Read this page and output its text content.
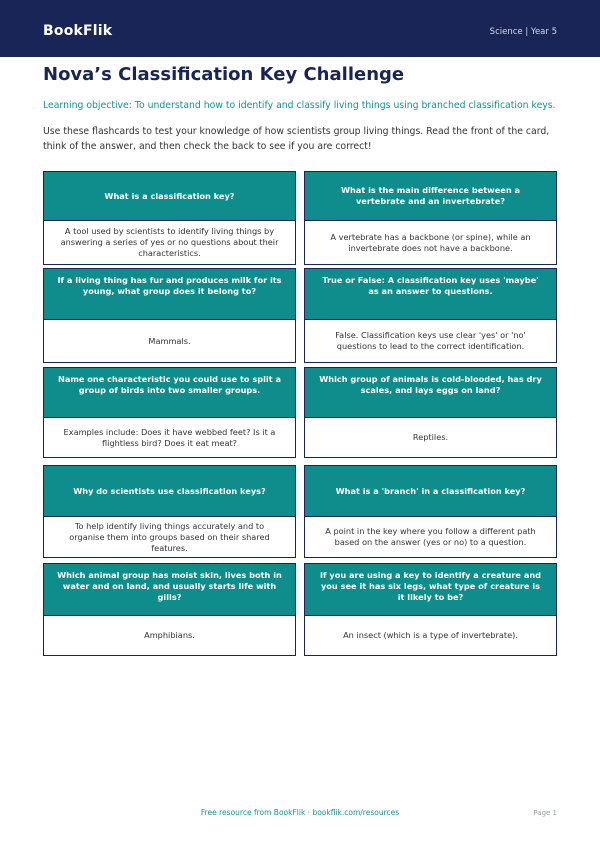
BookFlik	Science | Year 5
Nova’s Classification Key Challenge
Learning objective: To understand how to identify and classify living things using branched classification keys.
Use these flashcards to test your knowledge of how scientists group living things. Read the front of the card, think of the answer, and then check the back to see if you are correct!
What is a classification key?
A tool used by scientists to identify living things by answering a series of yes or no questions about their characteristics.
What is the main difference between a vertebrate and an invertebrate?
A vertebrate has a backbone (or spine), while an invertebrate does not have a backbone.
If a living thing has fur and produces milk for its young, what group does it belong to?
Mammals.
True or False: A classification key uses 'maybe' as an answer to questions.
False. Classification keys use clear 'yes' or 'no' questions to lead to the correct identification.
Name one characteristic you could use to split a group of birds into two smaller groups.
Examples include: Does it have webbed feet? Is it a flightless bird? Does it eat meat?
Which group of animals is cold-blooded, has dry scales, and lays eggs on land?
Reptiles.
Why do scientists use classification keys?
To help identify living things accurately and to organise them into groups based on their shared features.
What is a 'branch' in a classification key?
A point in the key where you follow a different path based on the answer (yes or no) to a question.
Which animal group has moist skin, lives both in water and on land, and usually starts life with gills?
Amphibians.
If you are using a key to identify a creature and you see it has six legs, what type of creature is it likely to be?
An insect (which is a type of invertebrate).
Free resource from BookFlik · bookflik.com/resources	Page 1
